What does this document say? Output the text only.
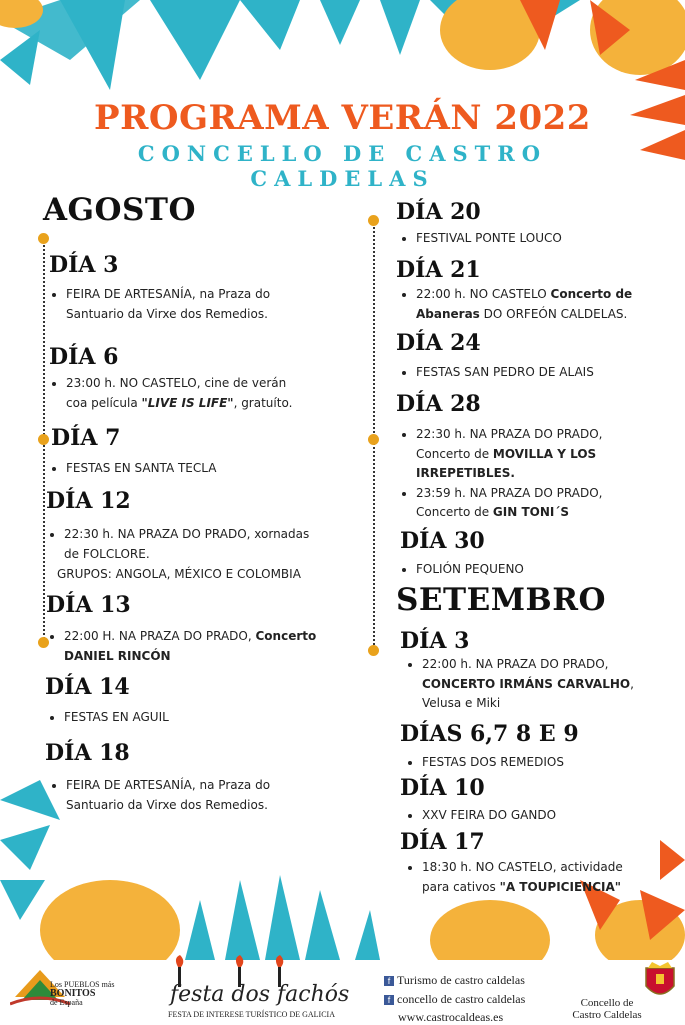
PROGRAMA VERÁN 2022
CONCELLO DE CASTRO CALDELAS
AGOSTO
DÍA 3
• FEIRA DE ARTESANÍA, na Praza do
Santuario da Virxe dos Remedios.
DÍA 6
• 23:00 h. NO CASTELO, cine de verán
coa película "LIVE IS LIFE", gratuíto.
DÍA 7
• FESTAS EN SANTA TECLA
DÍA 12
• 22:30 h. NA PRAZA DO PRADO, xornadas
de FOLCLORE.
GRUPOS: ANGOLA, MÉXICO E COLOMBIA
DÍA 13
• 22:00 H. NA PRAZA DO PRADO, Concerto
DANIEL RINCÓN
DÍA 14
• FESTAS EN AGUIL
DÍA 18
• FEIRA DE ARTESANÍA, na Praza do
Santuario da Virxe dos Remedios.
DÍA 20
• FESTIVAL PONTE LOUCO
DÍA 21
• 22:00 h. NO CASTELO Concerto de
Abaneras DO ORFEÓN CALDELAS.
DÍA 24
• FESTAS SAN PEDRO DE ALAIS
DÍA 28
• 22:30 h. NA PRAZA DO PRADO,
Concerto de MOVILLA Y LOS
IRREPETIBLES.
• 23:59 h. NA PRAZA DO PRADO,
Concerto de GIN TONI´S
DÍA 30
• FOLIÓN PEQUENO
SETEMBRO
DÍA 3
• 22:00 h. NA PRAZA DO PRADO,
CONCERTO IRMÁNS CARVALHO,
Velusa e Miki
DÍAS 6,7 8 E 9
• FESTAS DOS REMEDIOS
DÍA 10
• XXV FEIRA DO GANDO
DÍA 17
• 18:30 h. NO CASTELO, actividade
para cativos "A TOUPICIENCIA"
Los PUEBLOS más
BONITOS
de España	festa dos fachós
FESTA DE INTERESE TURÍSTICO DE GALICIA
f Turismo de castro caldelas
f concello de castro caldelas
www.castrocaldeas.es
Concello de
Castro Caldelas
